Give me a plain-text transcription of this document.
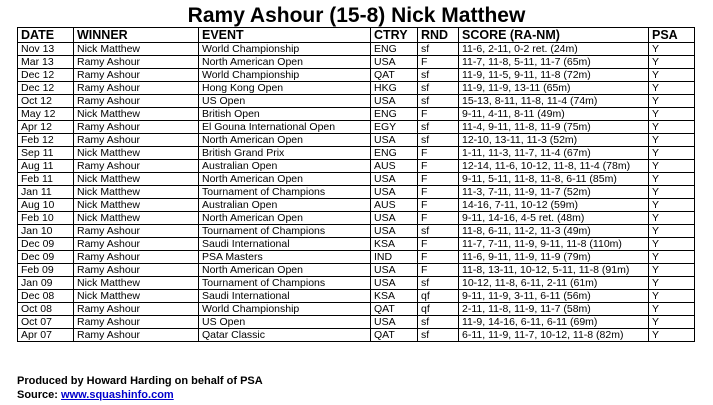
Ramy Ashour (15-8) Nick Matthew
DATE	WINNER	EVENT	CTRY	RND	SCORE (RA-NM)	PSA
Nov 13	Nick Matthew	World Championship	ENG	sf	11-6, 2-11, 0-2 ret. (24m)	Y
Mar 13	Ramy Ashour	North American Open	USA	F	11-7, 11-8, 5-11, 11-7 (65m)	Y
Dec 12	Ramy Ashour	World Championship	QAT	sf	11-9, 11-5, 9-11, 11-8 (72m)	Y
Dec 12	Ramy Ashour	Hong Kong Open	HKG	sf	11-9, 11-9, 13-11 (65m)	Y
Oct 12	Ramy Ashour	US Open	USA	sf	15-13, 8-11, 11-8, 11-4 (74m)	Y
May 12	Nick Matthew	British Open	ENG	F	9-11, 4-11, 8-11 (49m)	Y
Apr 12	Ramy Ashour	El Gouna International Open	EGY	sf	11-4, 9-11, 11-8, 11-9 (75m)	Y
Feb 12	Ramy Ashour	North American Open	USA	sf	12-10, 13-11, 11-3 (52m)	Y
Sep 11	Nick Matthew	British Grand Prix	ENG	F	1-11, 11-3, 11-7, 11-4 (67m)	Y
Aug 11	Ramy Ashour	Australian Open	AUS	F	12-14, 11-6, 10-12, 11-8, 11-4 (78m)	Y
Feb 11	Nick Matthew	North American Open	USA	F	9-11, 5-11, 11-8, 11-8, 6-11 (85m)	Y
Jan 11	Nick Matthew	Tournament of Champions	USA	F	11-3, 7-11, 11-9, 11-7 (52m)	Y
Aug 10	Nick Matthew	Australian Open	AUS	F	14-16, 7-11, 10-12 (59m)	Y
Feb 10	Nick Matthew	North American Open	USA	F	9-11, 14-16, 4-5 ret. (48m)	Y
Jan 10	Ramy Ashour	Tournament of Champions	USA	sf	11-8, 6-11, 11-2, 11-3 (49m)	Y
Dec 09	Ramy Ashour	Saudi International	KSA	F	11-7, 7-11, 11-9, 9-11, 11-8 (110m)	Y
Dec 09	Ramy Ashour	PSA Masters	IND	F	11-6, 9-11, 11-9, 11-9 (79m)	Y
Feb 09	Ramy Ashour	North American Open	USA	F	11-8, 13-11, 10-12, 5-11, 11-8 (91m)	Y
Jan 09	Nick Matthew	Tournament of Champions	USA	sf	10-12, 11-8, 6-11, 2-11 (61m)	Y
Dec 08	Nick Matthew	Saudi International	KSA	qf	9-11, 11-9, 3-11, 6-11 (56m)	Y
Oct 08	Ramy Ashour	World Championship	QAT	qf	2-11, 11-8, 11-9, 11-7 (58m)	Y
Oct 07	Ramy Ashour	US Open	USA	sf	11-9, 14-16, 6-11, 6-11 (69m)	Y
Apr 07	Ramy Ashour	Qatar Classic	QAT	sf	6-11, 11-9, 11-7, 10-12, 11-8 (82m)	Y
Produced by Howard Harding on behalf of PSA
Source: www.squashinfo.com
